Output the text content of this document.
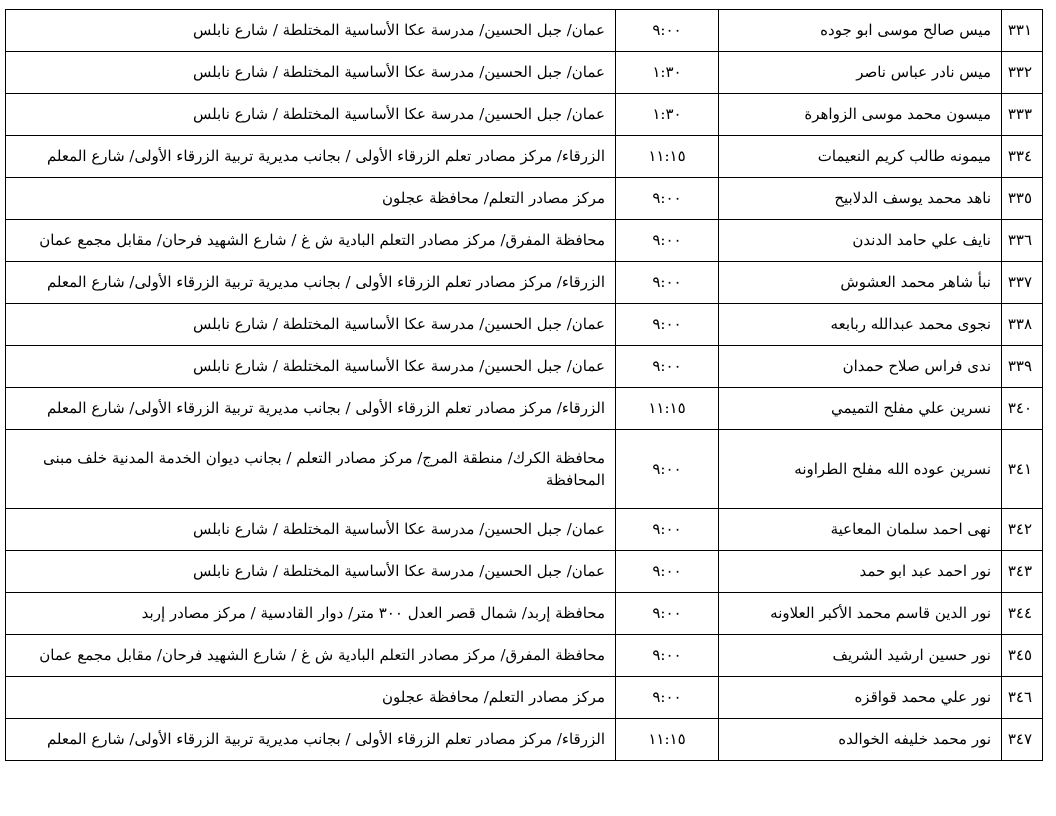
٣٣١	ميس صالح موسى ابو جوده	٩:٠٠	عمان/ جبل الحسين/ مدرسة عكا الأساسية المختلطة / شارع نابلس
٣٣٢	ميس نادر عباس ناصر	١:٣٠	عمان/ جبل الحسين/ مدرسة عكا الأساسية المختلطة / شارع نابلس
٣٣٣	ميسون محمد موسى الزواهرة	١:٣٠	عمان/ جبل الحسين/ مدرسة عكا الأساسية المختلطة / شارع نابلس
٣٣٤	ميمونه طالب كريم النعيمات	١١:١٥	الزرقاء/ مركز مصادر تعلم الزرقاء الأولى / بجانب مديرية تربية الزرقاء الأولى/ شارع المعلم
٣٣٥	ناهد محمد يوسف الدلابيح	٩:٠٠	مركز مصادر التعلم/ محافظة عجلون
٣٣٦	نايف علي حامد الدندن	٩:٠٠	محافظة المفرق/ مركز مصادر التعلم البادية ش غ / شارع الشهيد فرحان/ مقابل مجمع عمان
٣٣٧	نبأ شاهر محمد العشوش	٩:٠٠	الزرقاء/ مركز مصادر تعلم الزرقاء الأولى / بجانب مديرية تربية الزرقاء الأولى/ شارع المعلم
٣٣٨	نجوى محمد عبدالله ربابعه	٩:٠٠	عمان/ جبل الحسين/ مدرسة عكا الأساسية المختلطة / شارع نابلس
٣٣٩	ندى فراس صلاح حمدان	٩:٠٠	عمان/ جبل الحسين/ مدرسة عكا الأساسية المختلطة / شارع نابلس
٣٤٠	نسرين علي مفلح التميمي	١١:١٥	الزرقاء/ مركز مصادر تعلم الزرقاء الأولى / بجانب مديرية تربية الزرقاء الأولى/ شارع المعلم
٣٤١	نسرين عوده الله مفلح الطراونه	٩:٠٠	محافظة الكرك/ منطقة المرج/ مركز مصادر التعلم / بجانب ديوان الخدمة المدنية خلف مبنى المحافظة
٣٤٢	نهى احمد سلمان المعاعية	٩:٠٠	عمان/ جبل الحسين/ مدرسة عكا الأساسية المختلطة / شارع نابلس
٣٤٣	نور احمد عبد ابو حمد	٩:٠٠	عمان/ جبل الحسين/ مدرسة عكا الأساسية المختلطة / شارع نابلس
٣٤٤	نور الدين قاسم محمد الأكبر العلاونه	٩:٠٠	محافظة إربد/ شمال قصر العدل ٣٠٠ متر/ دوار القادسية / مركز مصادر إربد
٣٤٥	نور حسين ارشيد الشريف	٩:٠٠	محافظة المفرق/ مركز مصادر التعلم البادية ش غ / شارع الشهيد فرحان/ مقابل مجمع عمان
٣٤٦	نور علي محمد قواقزه	٩:٠٠	مركز مصادر التعلم/ محافظة عجلون
٣٤٧	نور محمد خليفه الخوالده	١١:١٥	الزرقاء/ مركز مصادر تعلم الزرقاء الأولى / بجانب مديرية تربية الزرقاء الأولى/ شارع المعلم
